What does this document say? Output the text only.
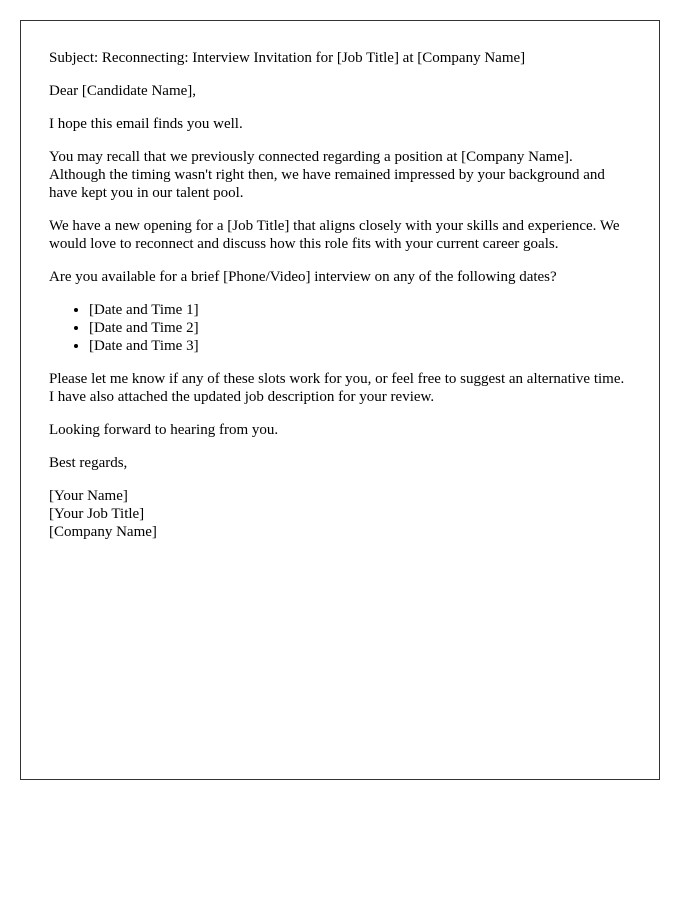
Subject: Reconnecting: Interview Invitation for [Job Title] at [Company Name]

Dear [Candidate Name],

I hope this email finds you well.

You may recall that we previously connected regarding a position at [Company Name]. Although the timing wasn't right then, we have remained impressed by your background and have kept you in our talent pool.

We have a new opening for a [Job Title] that aligns closely with your skills and experience. We would love to reconnect and discuss how this role fits with your current career goals.

Are you available for a brief [Phone/Video] interview on any of the following dates?

• [Date and Time 1]
• [Date and Time 2]
• [Date and Time 3]

Please let me know if any of these slots work for you, or feel free to suggest an alternative time. I have also attached the updated job description for your review.

Looking forward to hearing from you.

Best regards,

[Your Name]
[Your Job Title]
[Company Name]
